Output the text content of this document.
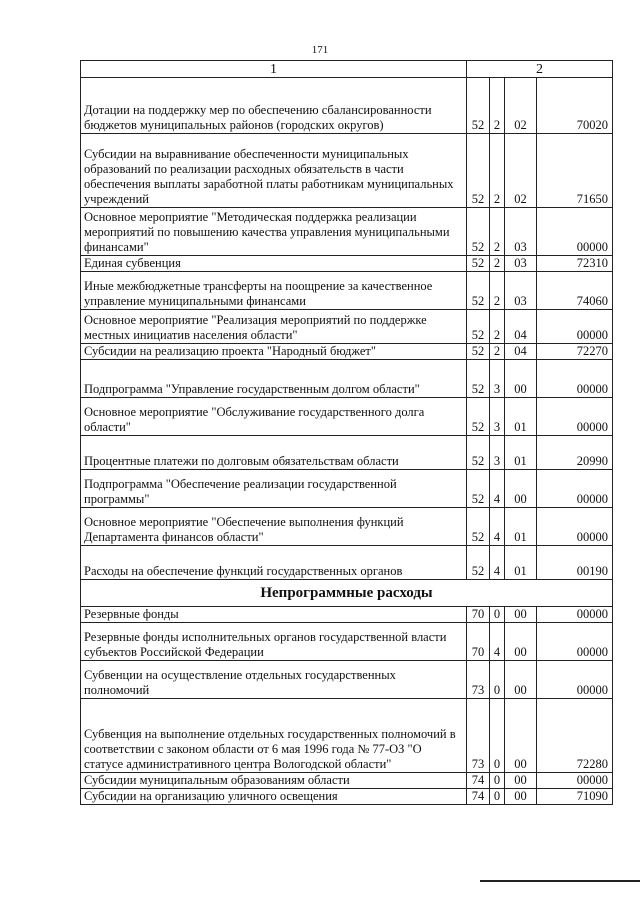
171
1	2			
Дотации на поддержку мер по обеспечению сбалансированности бюджетов муниципальных районов (городских округов)	52	2	02	70020
Субсидии на выравнивание обеспеченности муниципальных образований по реализации расходных обязательств в части обеспечения выплаты заработной платы работникам муниципальных учреждений	52	2	02	71650
Основное мероприятие "Методическая поддержка реализации мероприятий по повышению качества управления муниципальными финансами"	52	2	03	00000
Единая субвенция	52	2	03	72310
Иные межбюджетные трансферты на поощрение за качественное управление муниципальными финансами	52	2	03	74060
Основное мероприятие "Реализация мероприятий по поддержке местных инициатив населения области"	52	2	04	00000
Субсидии на реализацию проекта "Народный бюджет"	52	2	04	72270
Подпрограмма "Управление государственным долгом области"	52	3	00	00000
Основное мероприятие "Обслуживание государственного долга области"	52	3	01	00000
Процентные платежи по долговым обязательствам области	52	3	01	20990
Подпрограмма "Обеспечение реализации государственной программы"	52	4	00	00000
Основное мероприятие "Обеспечение выполнения функций Департамента финансов области"	52	4	01	00000
Расходы на обеспечение функций государственных органов	52	4	01	00190
Непрограммные расходы				
Резервные фонды	70	0	00	00000
Резервные фонды исполнительных органов государственной власти субъектов Российской Федерации	70	4	00	00000
Субвенции на осуществление отдельных государственных полномочий	73	0	00	00000
Субвенция на выполнение отдельных государственных полномочий в соответствии с законом области от 6 мая 1996 года № 77-ОЗ "О статусе административного центра Вологодской области"	73	0	00	72280
Субсидии муниципальным образованиям области	74	0	00	00000
Субсидии на организацию уличного освещения	74	0	00	71090
